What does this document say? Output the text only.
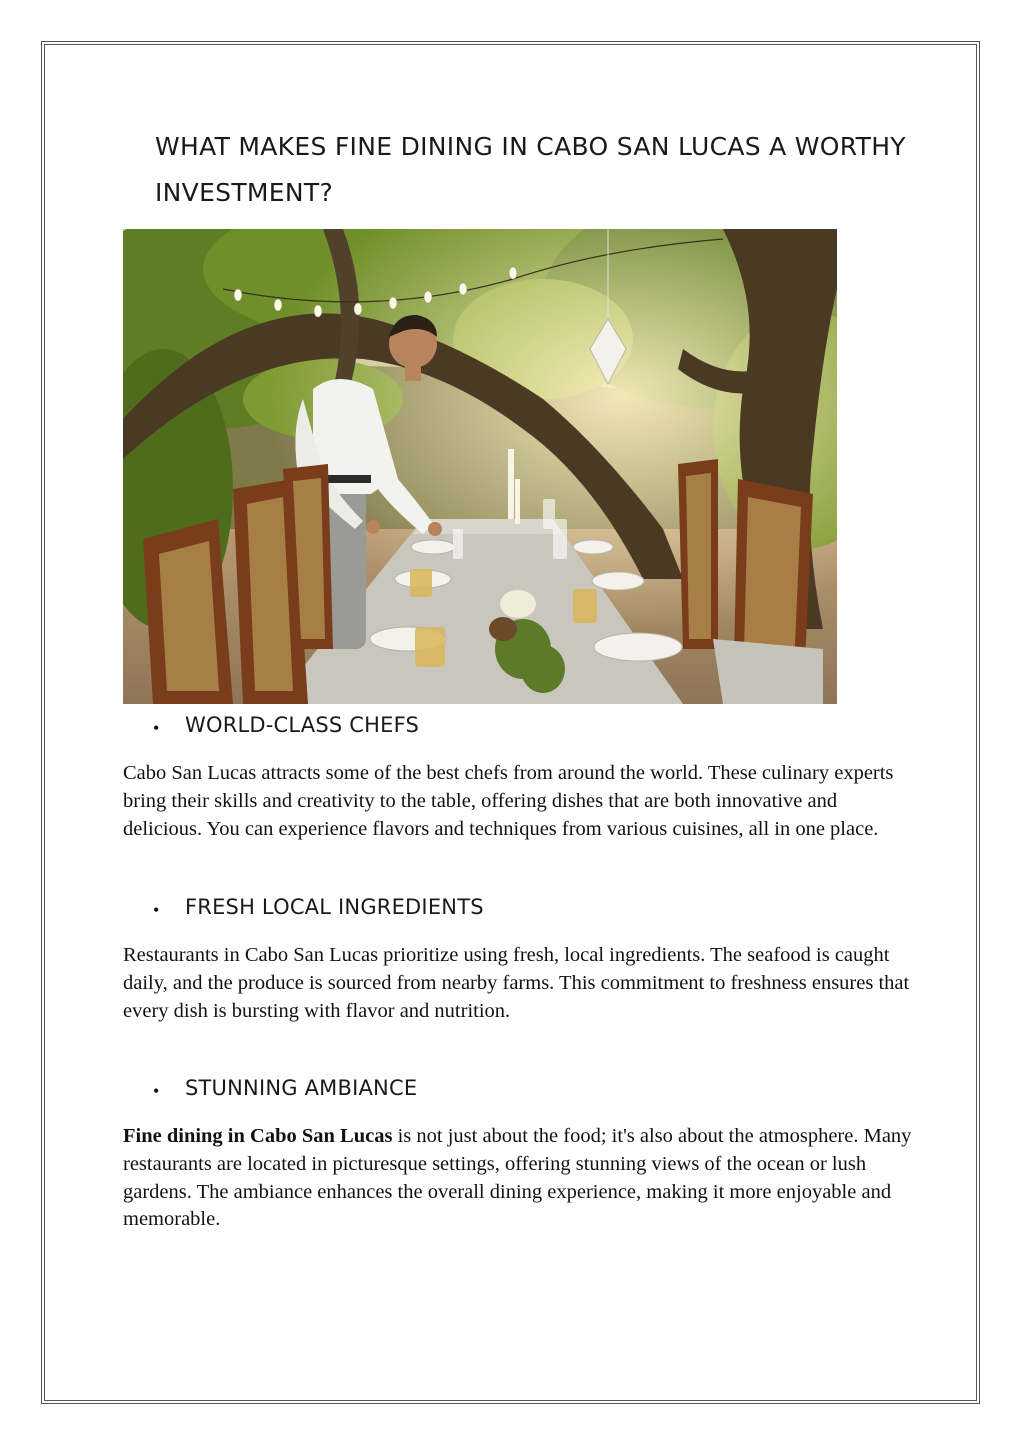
WHAT MAKES FINE DINING IN CABO SAN LUCAS A WORTHY INVESTMENT?
• WORLD-CLASS CHEFS

Cabo San Lucas attracts some of the best chefs from around the world. These culinary experts bring their skills and creativity to the table, offering dishes that are both innovative and delicious. You can experience flavors and techniques from various cuisines, all in one place.

• FRESH LOCAL INGREDIENTS

Restaurants in Cabo San Lucas prioritize using fresh, local ingredients. The seafood is caught daily, and the produce is sourced from nearby farms. This commitment to freshness ensures that every dish is bursting with flavor and nutrition.

• STUNNING AMBIANCE

Fine dining in Cabo San Lucas is not just about the food; it's also about the atmosphere. Many restaurants are located in picturesque settings, offering stunning views of the ocean or lush gardens. The ambiance enhances the overall dining experience, making it more enjoyable and memorable.
